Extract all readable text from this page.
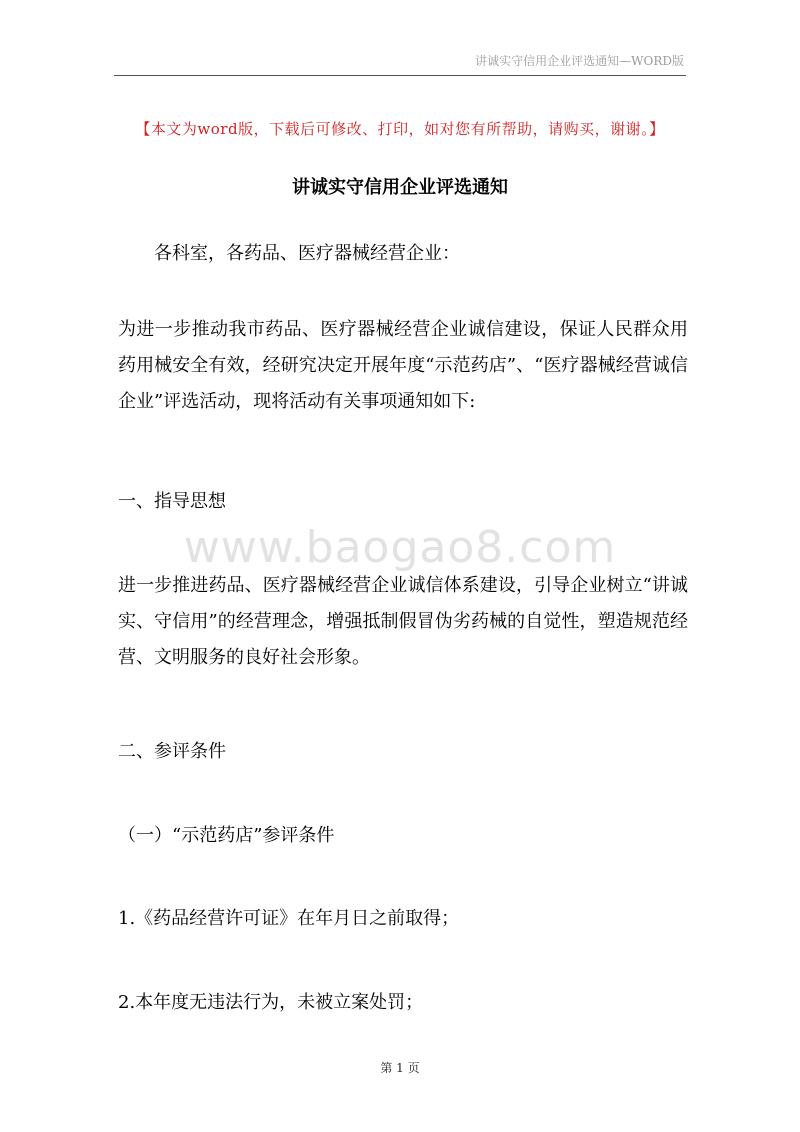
讲诚实守信用企业评选通知—WORD版
【本文为word版，下载后可修改、打印，如对您有所帮助，请购买，谢谢。】
讲诚实守信用企业评选通知
各科室，各药品、医疗器械经营企业：
为进一步推动我市药品、医疗器械经营企业诚信建设，保证人民群众用药用械安全有效，经研究决定开展年度“示范药店”、“医疗器械经营诚信企业”评选活动，现将活动有关事项通知如下:
一、指导思想
www.baogao8.com
进一步推进药品、医疗器械经营企业诚信体系建设，引导企业树立“讲诚实、守信用”的经营理念，增强抵制假冒伪劣药械的自觉性，塑造规范经营、文明服务的良好社会形象。
二、参评条件
（一）“示范药店”参评条件
1.《药品经营许可证》在年月日之前取得；
2.本年度无违法行为，未被立案处罚；
第 1 页
